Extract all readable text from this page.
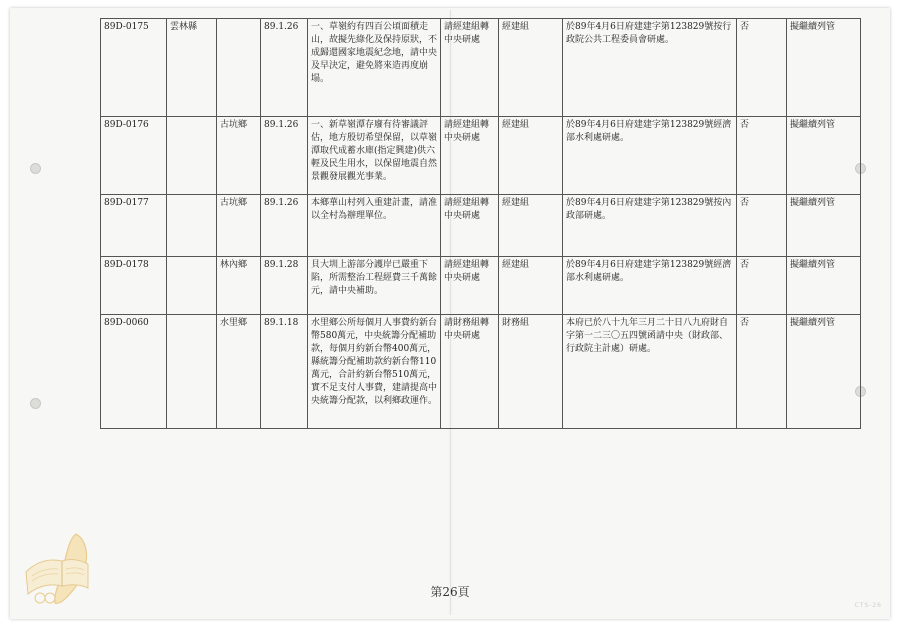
89D-0175	雲林縣		89.1.26	一、草嶺約有四百公頃面積走山，故擬先綠化及保持原狀，不成歸還國家地震紀念地，請中央及早決定，避免將來造再度崩塌。	請經建組轉中央研處	經建組	於89年4月6日府建建字第123829號按行政院公共工程委員會研處。	否	擬繼續列管
89D-0176		古坑鄉	89.1.26	一、新草嶺潭存廢有待審議評估，地方殷切希望保留，以草嶺潭取代成蓄水庫(指定興建)供六輕及民生用水，以保留地震自然景觀發展觀光事業。	請經建組轉中央研處	經建組	於89年4月6日府建建字第123829號經濟部水利處研處。	否	擬繼續列管
89D-0177		古坑鄉	89.1.26	本鄉華山村列入重建計畫，請准以全村為辦理單位。	請經建組轉中央研處	經建組	於89年4月6日府建建字第123829號按內政部研處。	否	擬繼續列管
89D-0178		林內鄉	89.1.28	貝大圳上游部分護岸已嚴重下陷，所需整治工程經費三千萬餘元，請中央補助。	請經建組轉中央研處	經建組	於89年4月6日府建建字第123829號經濟部水利處研處。	否	擬繼續列管
89D-0060		水里鄉	89.1.18	水里鄉公所每個月人事費約新台幣580萬元，中央統籌分配補助款，每個月約新台幣400萬元，縣統籌分配補助款約新台幣110萬元，合計約新台幣510萬元，實不足支付人事費，建請提高中央統籌分配款，以利鄉政運作。	請財務組轉中央研處	財務組	本府已於八十九年三月二十日八九府財自字第一二三〇五四號函請中央（財政部、行政院主計處）研處。	否	擬繼續列管
第26頁
CTS-26
